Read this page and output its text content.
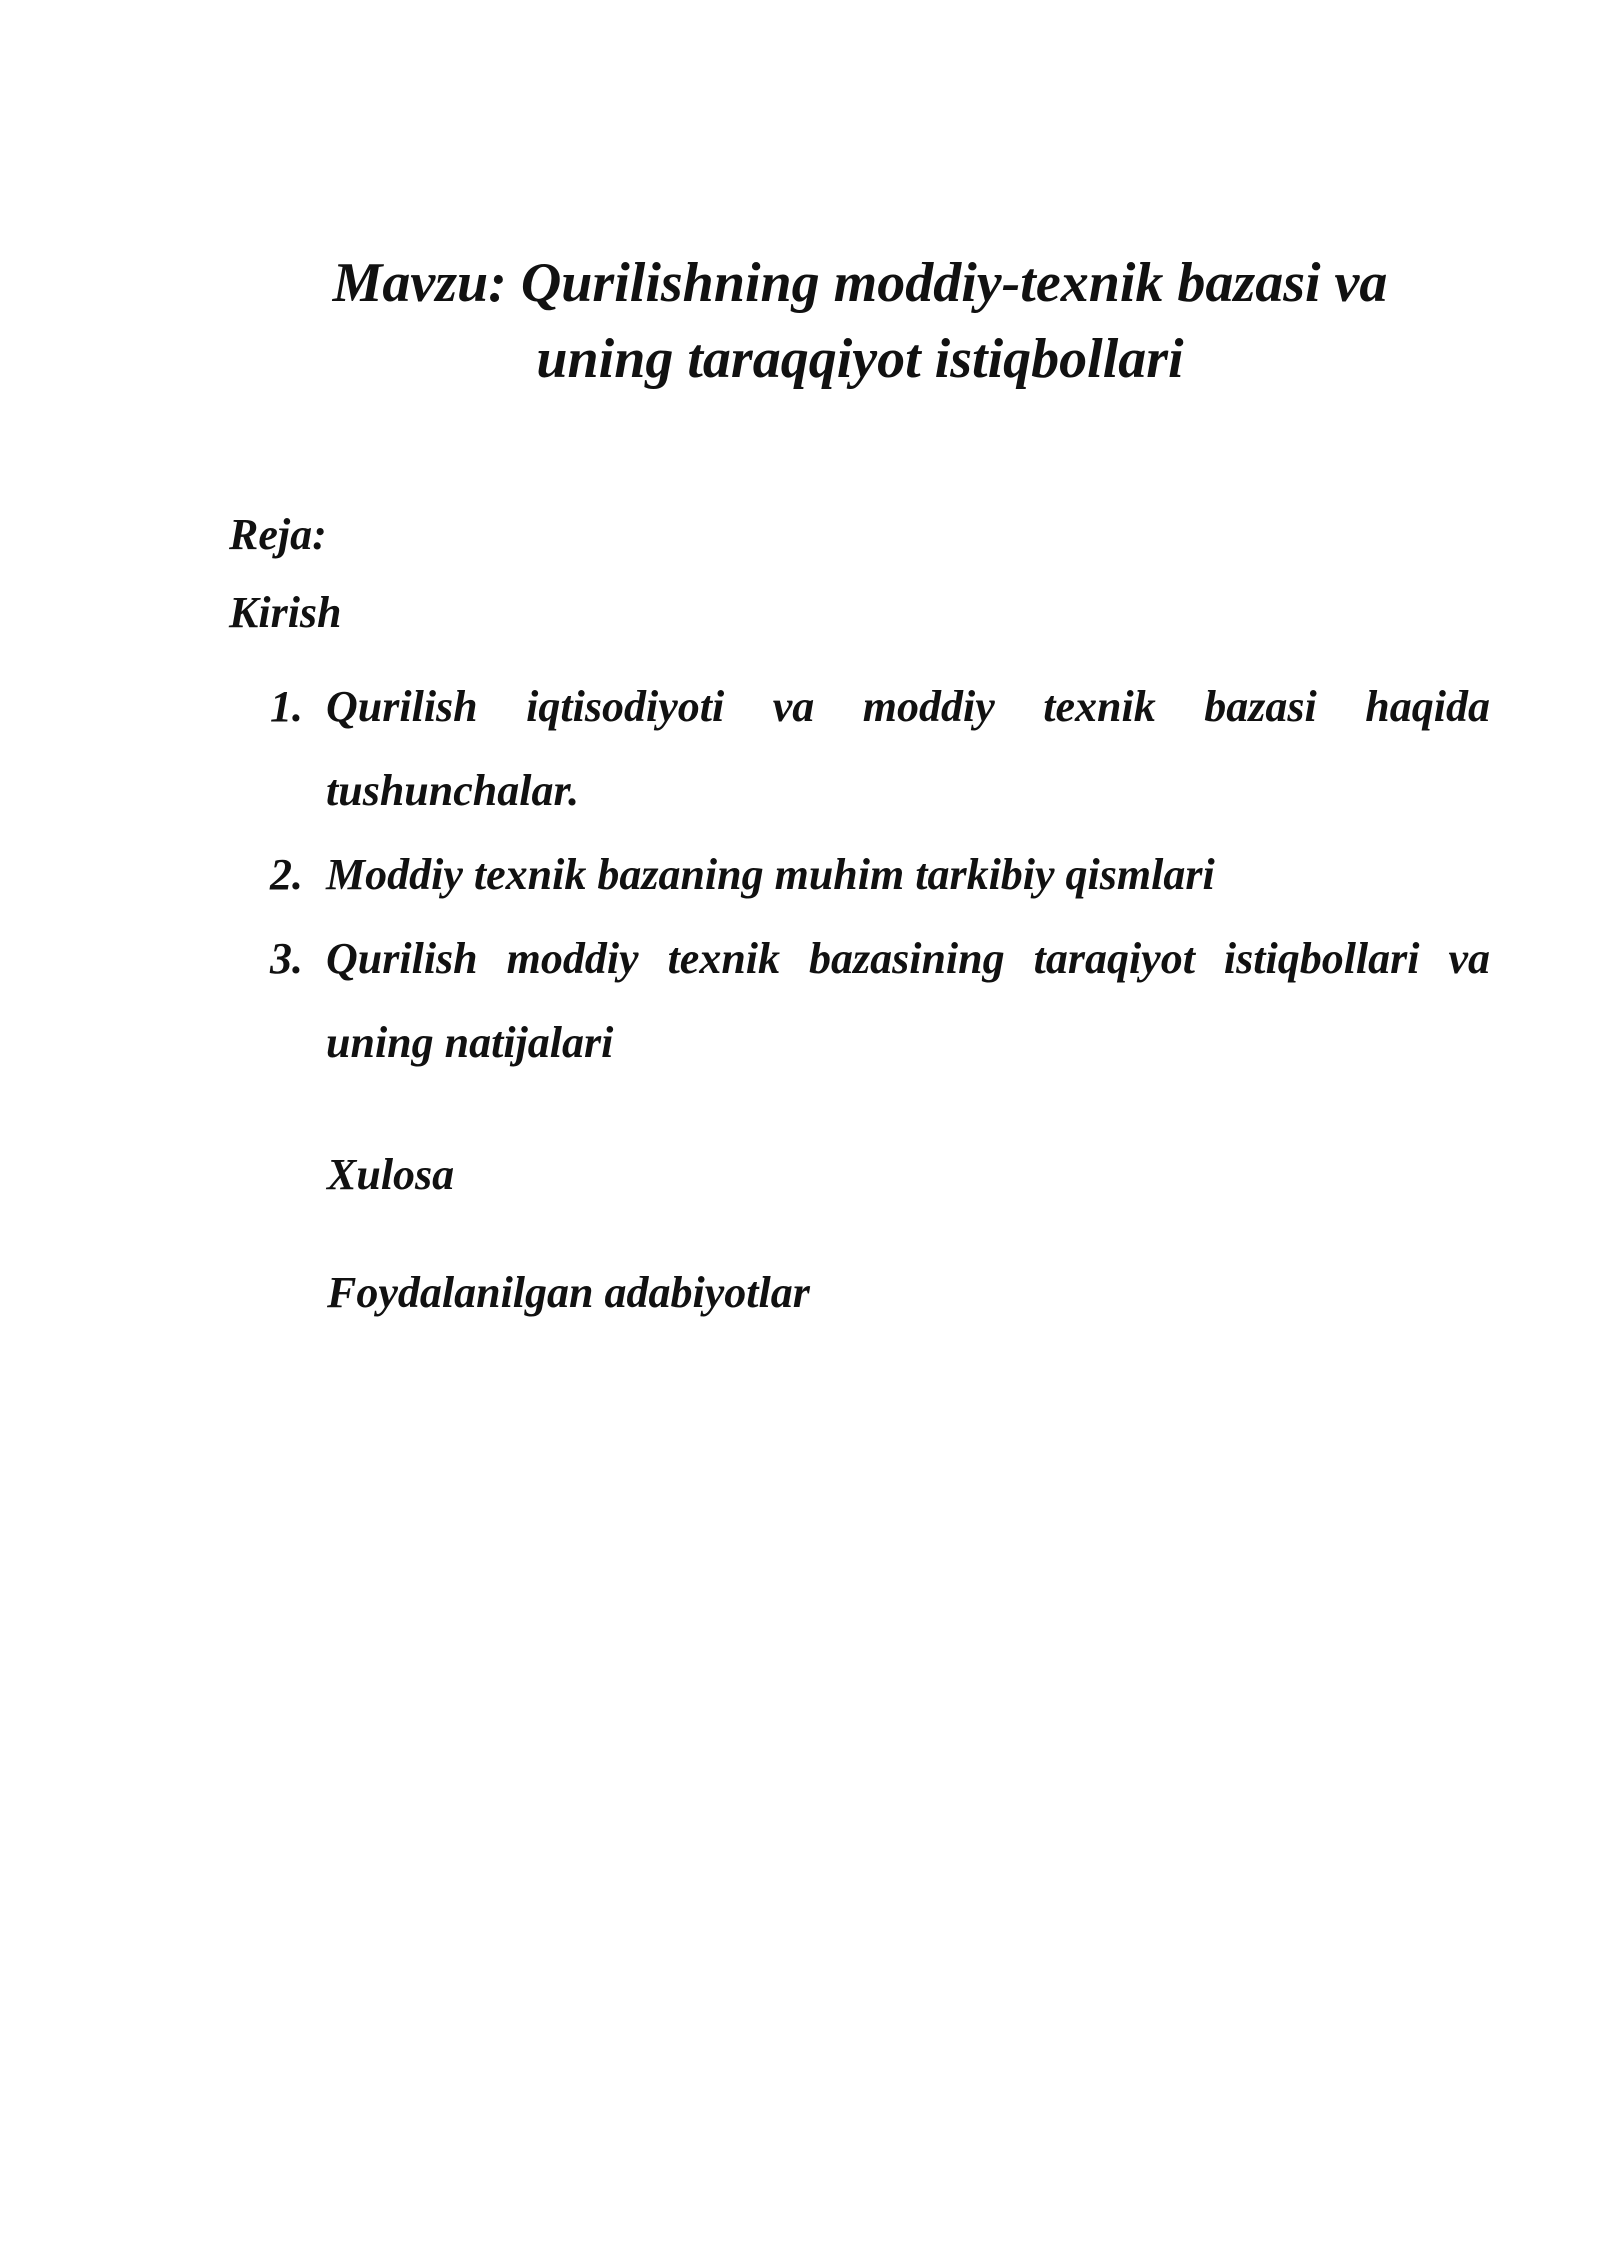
Mavzu: Qurilishning moddiy-texnik bazasi va
uning taraqqiyot istiqbollari

Reja:

Kirish

1. Qurilish iqtisodiyoti va moddiy texnik bazasi haqida tushunchalar.
2. Moddiy texnik bazaning muhim tarkibiy qismlari
3. Qurilish moddiy texnik bazasining taraqiyot istiqbollari va uning natijalari

Xulosa

Foydalanilgan adabiyotlar
